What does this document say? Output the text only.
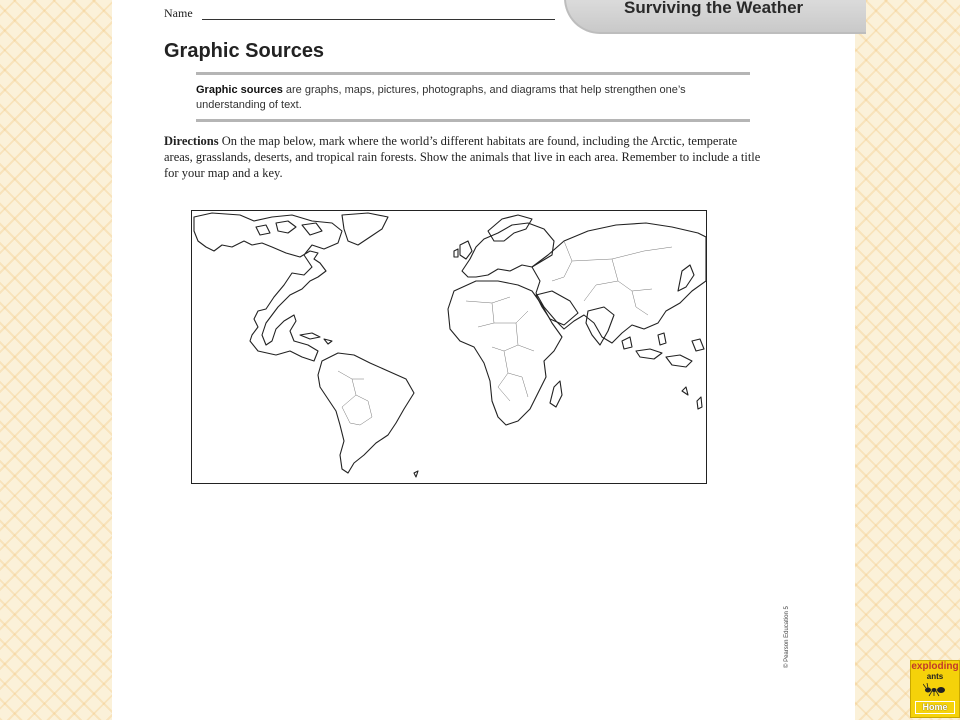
Name	Surviving the Weather
Graphic Sources
Graphic sources are graphs, maps, pictures, photographs, and diagrams that help strengthen one’s understanding of text.
Directions On the map below, mark where the world’s different habitats are found, including the Arctic, temperate areas, grasslands, deserts, and tropical rain forests. Show the animals that live in each area. Remember to include a title for your map and a key.
© Pearson Education 5	exploding
ants
Home
